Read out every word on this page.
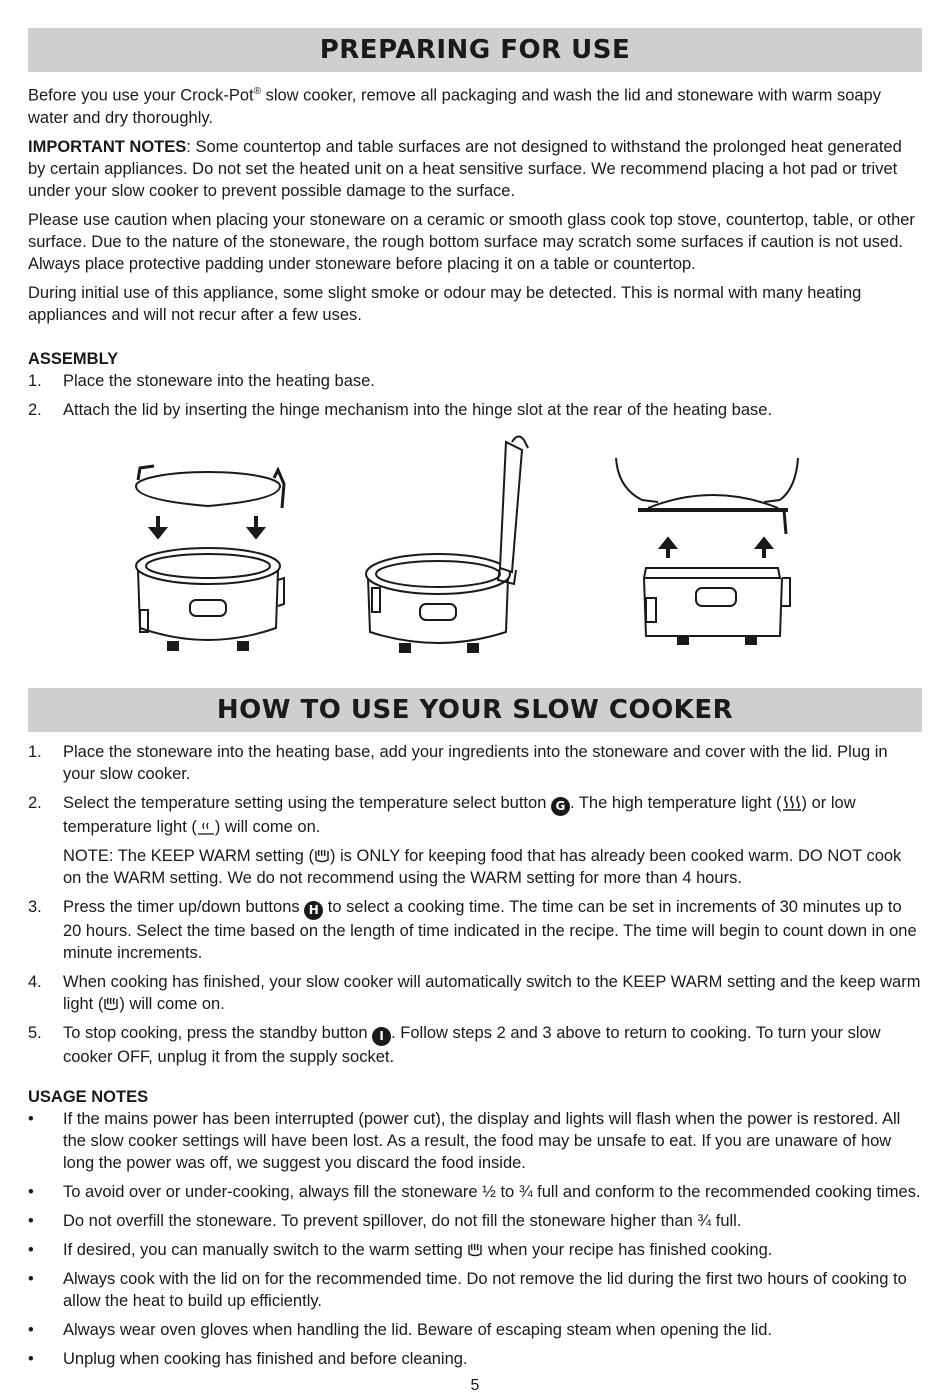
PREPARING FOR USE

Before you use your Crock-Pot® slow cooker, remove all packaging and wash the lid and stoneware with warm soapy water and dry thoroughly.

IMPORTANT NOTES: Some countertop and table surfaces are not designed to withstand the prolonged heat generated by certain appliances. Do not set the heated unit on a heat sensitive surface. We recommend placing a hot pad or trivet under your slow cooker to prevent possible damage to the surface.

Please use caution when placing your stoneware on a ceramic or smooth glass cook top stove, countertop, table, or other surface. Due to the nature of the stoneware, the rough bottom surface may scratch some surfaces if caution is not used. Always place protective padding under stoneware before placing it on a table or countertop.

During initial use of this appliance, some slight smoke or odour may be detected. This is normal with many heating appliances and will not recur after a few uses.

ASSEMBLY
1.	Place the stoneware into the heating base.
2.	Attach the lid by inserting the hinge mechanism into the hinge slot at the rear of the heating base.
HOW TO USE YOUR SLOW COOKER
1.	Place the stoneware into the heating base, add your ingredients into the stoneware and cover with the lid. Plug in your slow cooker.
2.	Select the temperature setting using the temperature select button G . The high temperature light ( ) or low temperature light ( ) will come on.
NOTE: The KEEP WARM setting ( ) is ONLY for keeping food that has already been cooked warm. DO NOT cook on the WARM setting. We do not recommend using the WARM setting for more than 4 hours.
3.	Press the timer up/down buttons H to select a cooking time. The time can be set in increments of 30 minutes up to 20 hours. Select the time based on the length of time indicated in the recipe. The time will begin to count down in one minute increments.
4.	When cooking has finished, your slow cooker will automatically switch to the KEEP WARM setting and the keep warm light ( ) will come on.
5.	To stop cooking, press the standby button I . Follow steps 2 and 3 above to return to cooking. To turn your slow cooker OFF, unplug it from the supply socket.
USAGE NOTES
•	If the mains power has been interrupted (power cut), the display and lights will flash when the power is restored. All the slow cooker settings will have been lost. As a result, the food may be unsafe to eat. If you are unaware of how long the power was off, we suggest you discard the food inside.
•	To avoid over or under-cooking, always fill the stoneware ½ to ¾ full and conform to the recommended cooking times.
•	Do not overfill the stoneware. To prevent spillover, do not fill the stoneware higher than ¾ full.
•	If desired, you can manually switch to the warm setting  when your recipe has finished cooking.
•	Always cook with the lid on for the recommended time. Do not remove the lid during the first two hours of cooking to allow the heat to build up efficiently.
•	Always wear oven gloves when handling the lid. Beware of escaping steam when opening the lid.
•	Unplug when cooking has finished and before cleaning.
5
